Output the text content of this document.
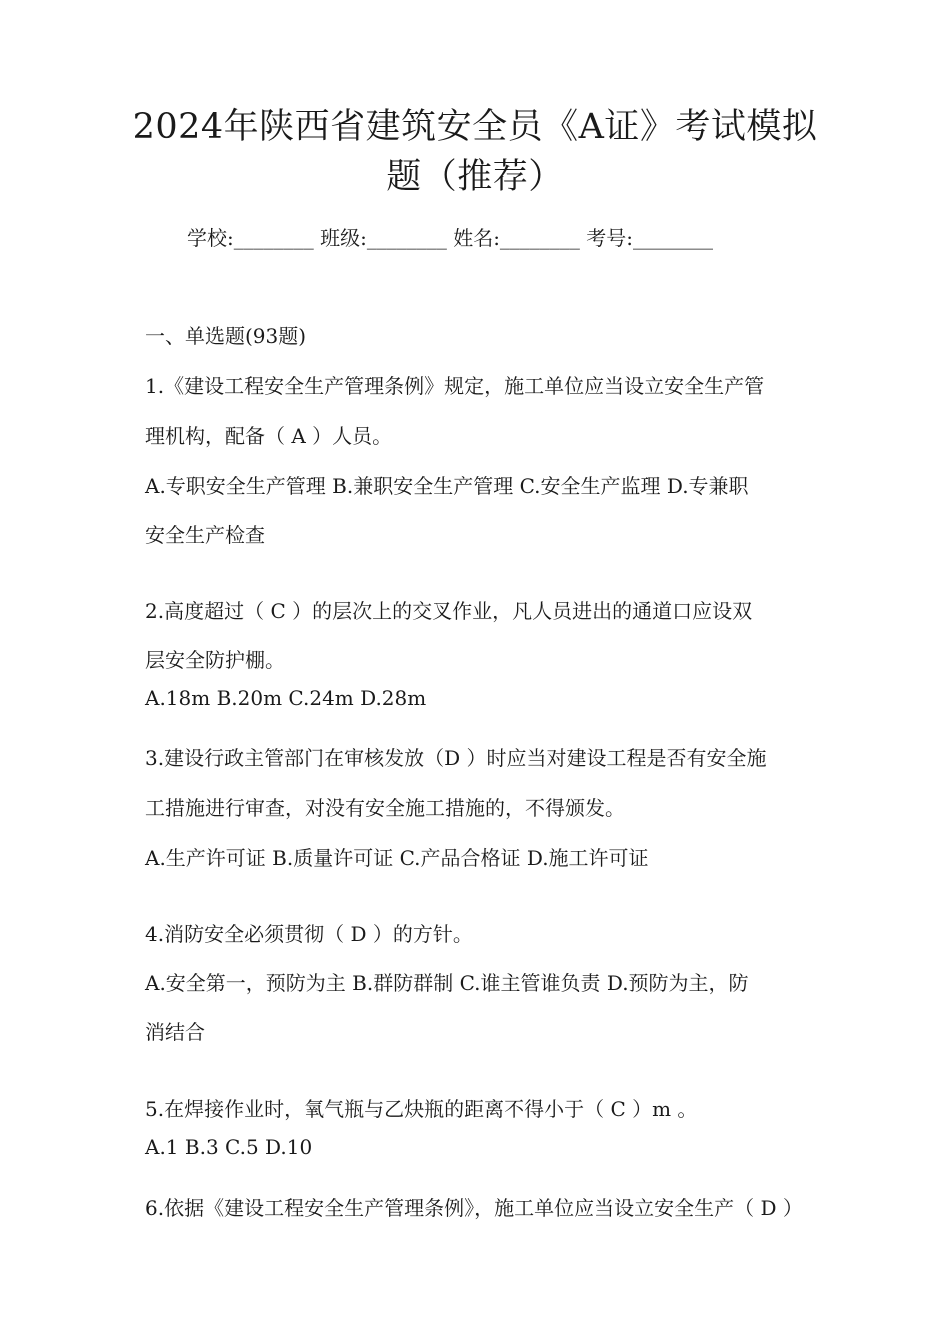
2024年陕西省建筑安全员《A证》考试模拟
题（推荐）
学校:________ 班级:________ 姓名:________ 考号:________
一、单选题(93题)
1.《建设工程安全生产管理条例》规定，施工单位应当设立安全生产管
理机构，配备（ A ）人员。
A.专职安全生产管理 B.兼职安全生产管理 C.安全生产监理 D.专兼职
安全生产检查
2.高度超过（ C ）的层次上的交叉作业，凡人员进出的通道口应设双
层安全防护棚。
A.18m B.20m C.24m D.28m
3.建设行政主管部门在审核发放（D ）时应当对建设工程是否有安全施
工措施进行审查，对没有安全施工措施的，不得颁发。
A.生产许可证 B.质量许可证 C.产品合格证 D.施工许可证
4.消防安全必须贯彻（ D ）的方针。
A.安全第一，预防为主 B.群防群制 C.谁主管谁负责 D.预防为主，防
消结合
5.在焊接作业时，氧气瓶与乙炔瓶的距离不得小于（ C ）m 。
A.1 B.3 C.5 D.10
6.依据《建设工程安全生产管理条例》，施工单位应当设立安全生产（ D ）
